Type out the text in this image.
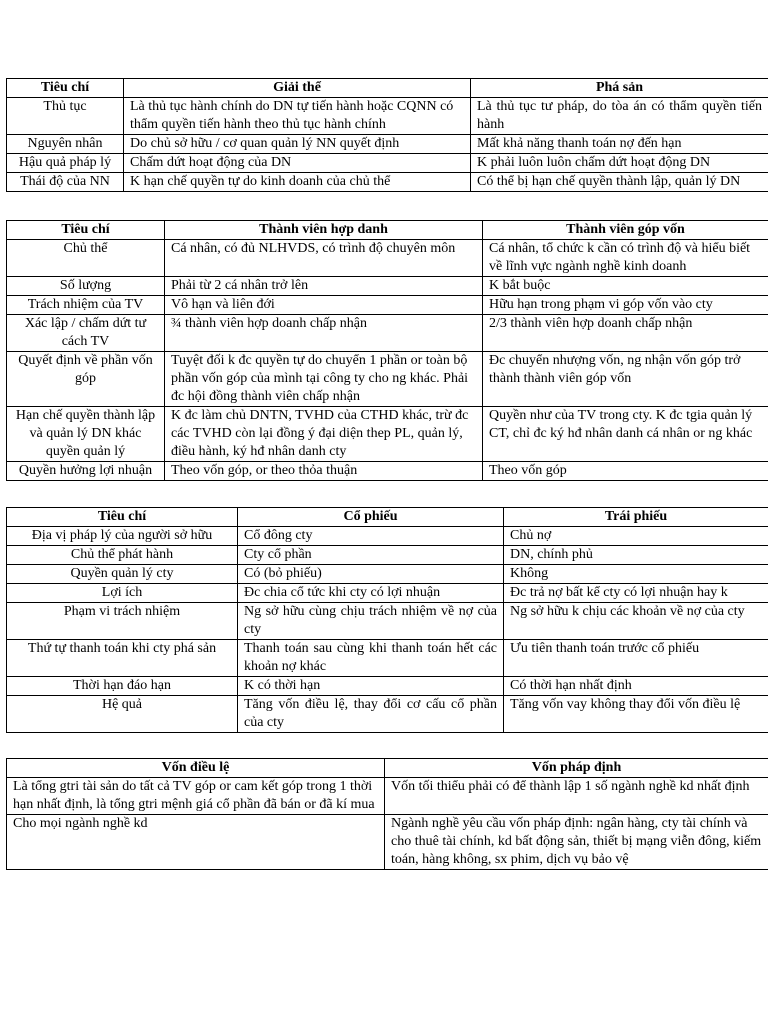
Tiêu chí	Giải thể	Phá sản
Thủ tục	Là thủ tục hành chính do DN tự tiến hành hoặc CQNN có thẩm quyền tiến hành theo thủ tục hành chính	Là thủ tục tư pháp, do tòa án có thẩm quyền tiến hành
Nguyên nhân	Do chủ sở hữu / cơ quan quản lý NN quyết định	Mất khả năng thanh toán nợ đến hạn
Hậu quả pháp lý	Chấm dứt hoạt động của DN	K phải luôn luôn chấm dứt hoạt động DN
Thái độ của NN	K hạn chế quyền tự do kinh doanh của chủ thể	Có thể bị hạn chế quyền thành lập, quản lý DN
Tiêu chí	Thành viên hợp danh	Thành viên góp vốn
Chủ thể	Cá nhân, có đủ NLHVDS, có trình độ chuyên môn	Cá nhân, tổ chức k cần có trình độ và hiểu biết về lĩnh vực ngành nghề kinh doanh
Số lượng	Phải từ 2 cá nhân trở lên	K bắt buộc
Trách nhiệm của TV	Vô hạn và liên đới	Hữu hạn trong phạm vi góp vốn vào cty
Xác lập / chấm dứt tư cách TV	¾ thành viên hợp doanh chấp nhận	2/3 thành viên hợp doanh chấp nhận
Quyết định về phần vốn góp	Tuyệt đối k đc quyền tự do chuyển 1 phần or toàn bộ phần vốn góp của mình tại công ty cho ng khác. Phải đc hội đồng thành viên chấp nhận	Đc chuyển nhượng vốn, ng nhận vốn góp trở thành thành viên góp vốn
Hạn chế quyền thành lập và quản lý DN khác quyền quản lý	K đc làm chủ DNTN, TVHD của CTHD khác, trừ đc các TVHD còn lại đồng ý đại diện thep PL, quản lý, điều hành, ký hđ nhân danh cty	Quyền như của TV trong cty. K đc tgia quản lý CT, chỉ đc ký hđ nhân danh cá nhân or ng khác
Quyền hưởng lợi nhuận	Theo vốn góp, or theo thỏa thuận	Theo vốn góp
Tiêu chí	Cổ phiếu	Trái phiếu
Địa vị pháp lý của người sở hữu	Cổ đông cty	Chủ nợ
Chủ thể phát hành	Cty cổ phần	DN, chính phủ
Quyền quản lý cty	Có (bỏ phiếu)	Không
Lợi ích	Đc chia cổ tức khi cty có lợi nhuận	Đc trả nợ bất kể cty có lợi nhuận hay k
Phạm vi trách nhiệm	Ng sở hữu cùng chịu trách nhiệm về nợ của cty	Ng sở hữu k chịu các khoản về nợ của cty
Thứ tự thanh toán khi cty phá sản	Thanh toán sau cùng khi thanh toán hết các khoản nợ khác	Ưu tiên thanh toán trước cổ phiếu
Thời hạn đáo hạn	K có thời hạn	Có thời hạn nhất định
Hệ quả	Tăng vốn điều lệ, thay đổi cơ cấu cổ phần của cty	Tăng vốn vay không thay đổi vốn điều lệ
Vốn điều lệ	Vốn pháp định
Là tổng gtri tài sản do tất cả TV góp or cam kết góp trong 1 thời hạn nhất định, là tổng gtri mệnh giá cổ phần đã bán or đã kí mua	Vốn tối thiểu phải có để thành lập 1 số ngành nghề kd nhất định
Cho mọi ngành nghề kd	Ngành nghề yêu cầu vốn pháp định: ngân hàng, cty tài chính và cho thuê tài chính, kd bất động sản, thiết bị mạng viễn đông, kiếm toán, hàng không, sx phim, dịch vụ bảo vệ
